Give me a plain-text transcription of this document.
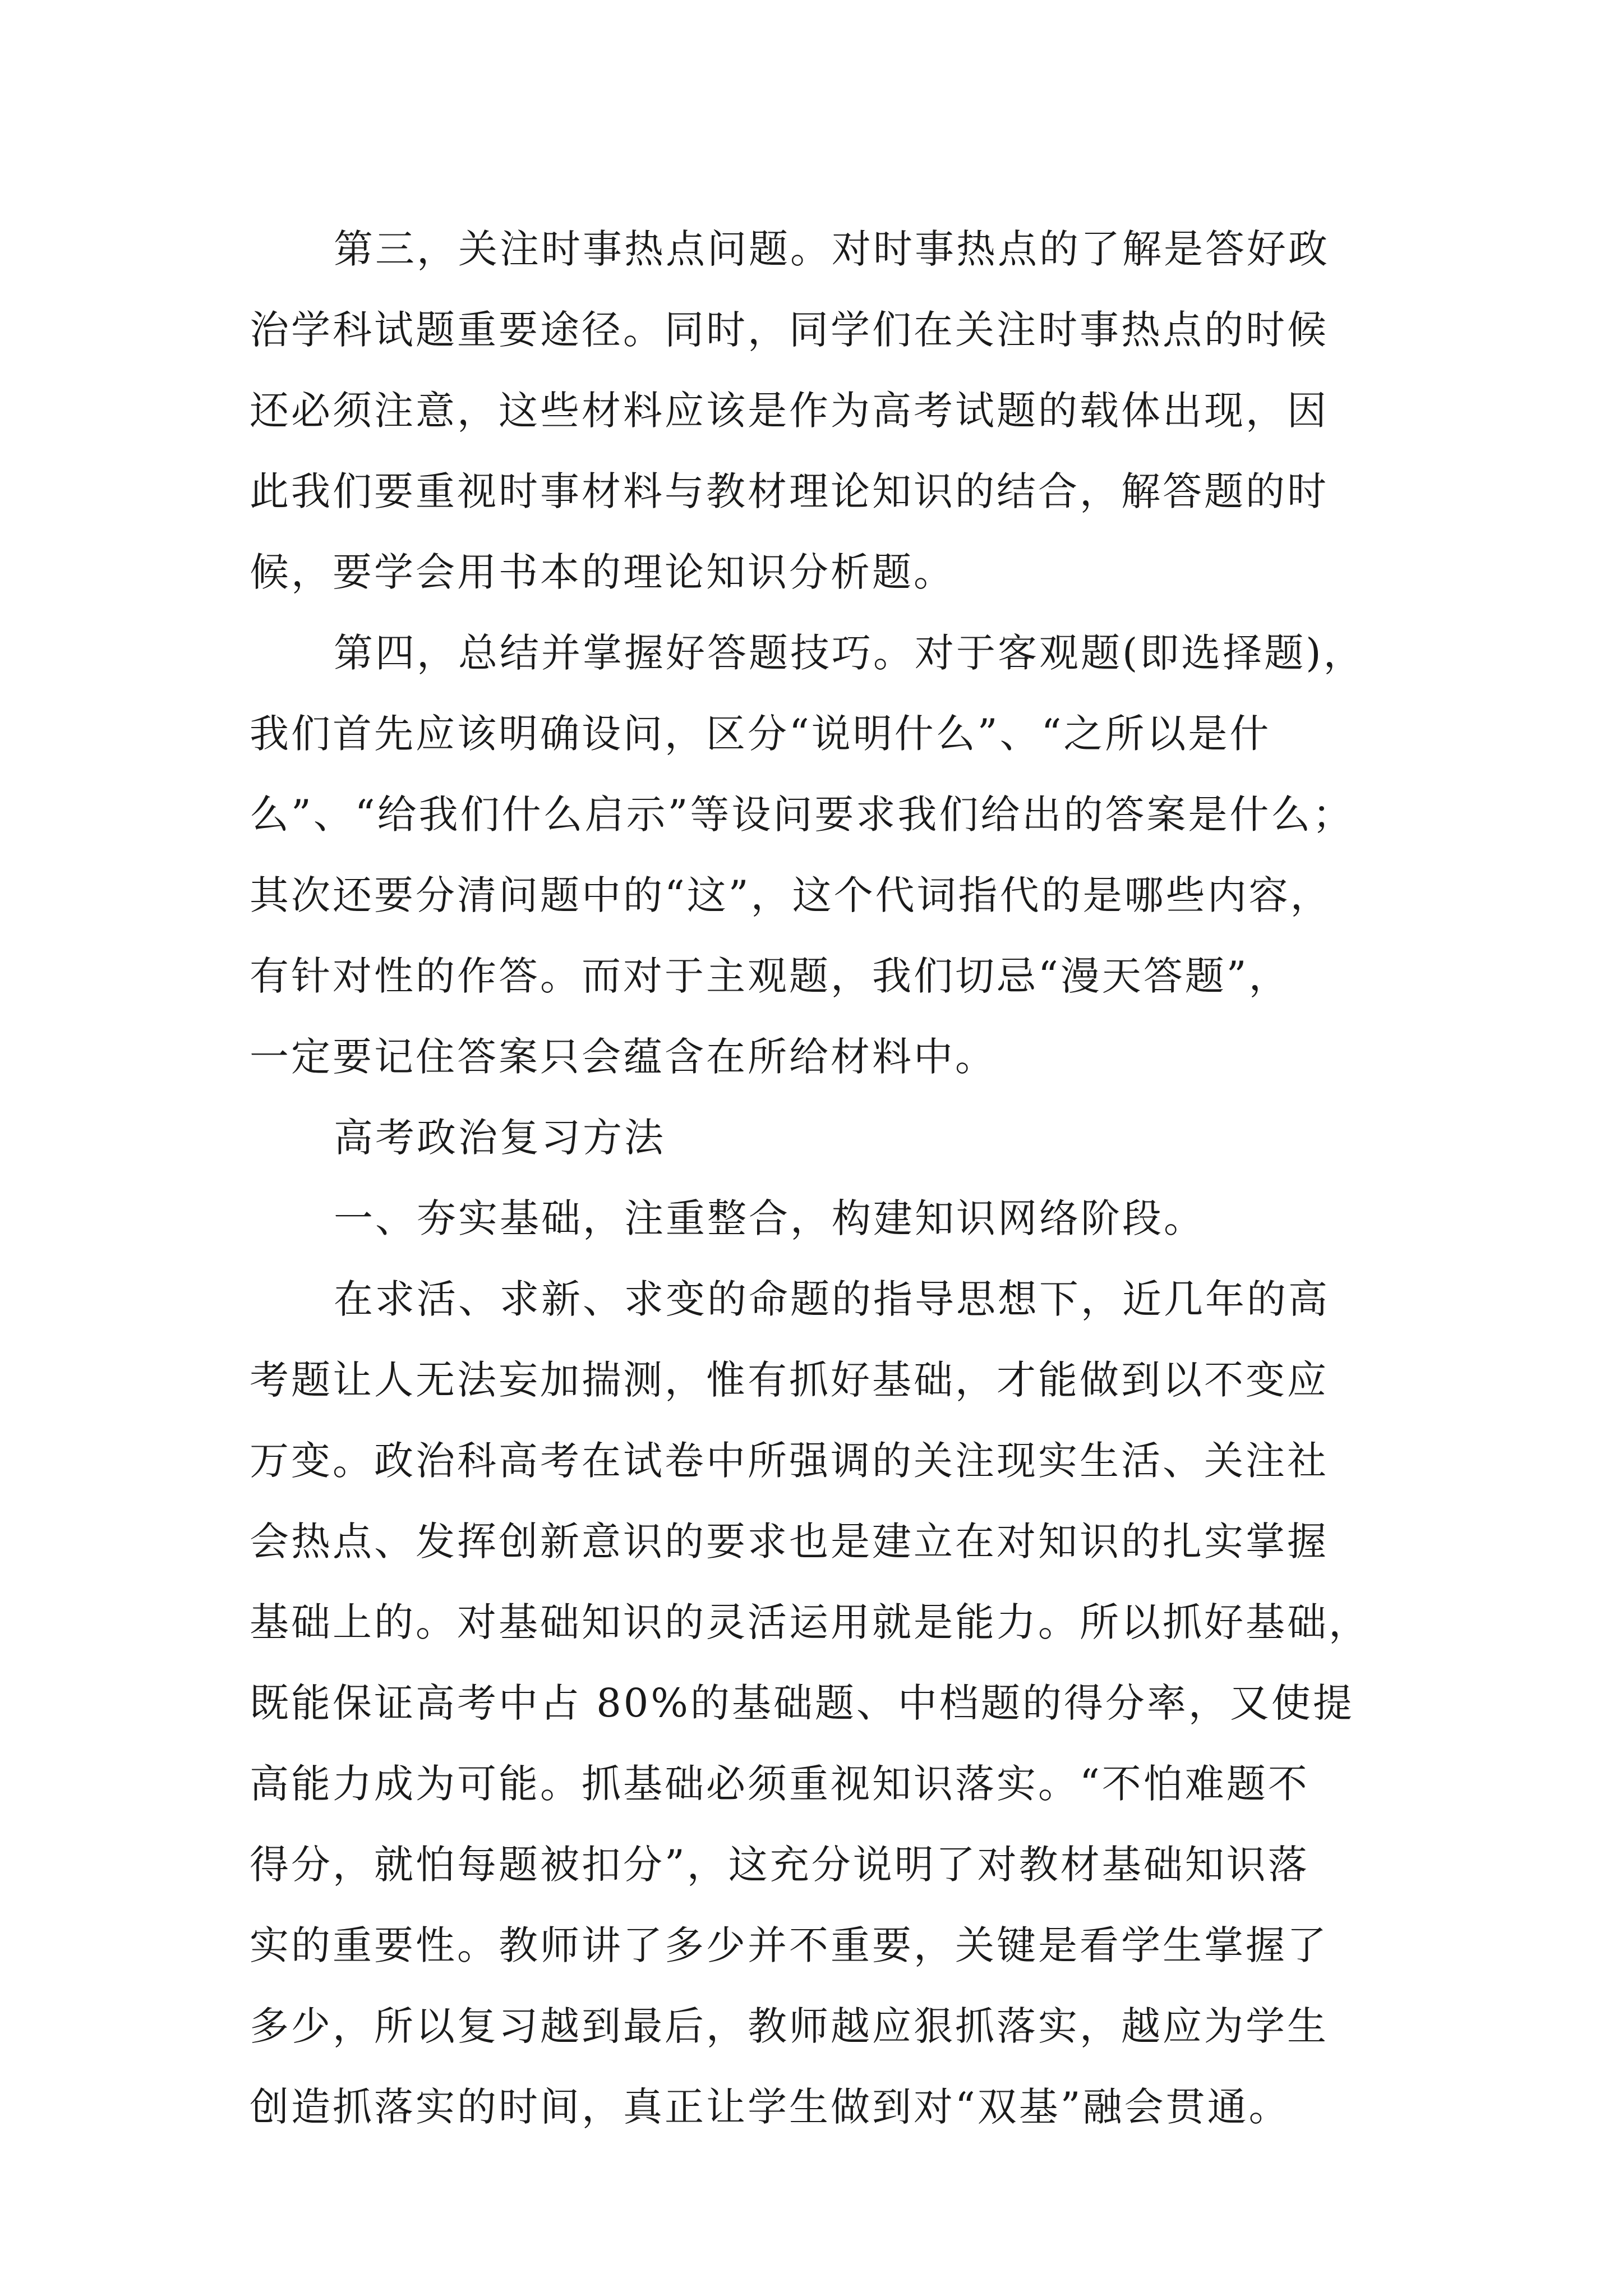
第三，关注时事热点问题。对时事热点的了解是答好政
治学科试题重要途径。同时，同学们在关注时事热点的时候
还必须注意，这些材料应该是作为高考试题的载体出现，因
此我们要重视时事材料与教材理论知识的结合，解答题的时
候，要学会用书本的理论知识分析题。
第四，总结并掌握好答题技巧。对于客观题(即选择题)，
我们首先应该明确设问，区分“说明什么”、“之所以是什
么”、“给我们什么启示”等设问要求我们给出的答案是什么；
其次还要分清问题中的“这”，这个代词指代的是哪些内容，
有针对性的作答。而对于主观题，我们切忌“漫天答题”，
一定要记住答案只会蕴含在所给材料中。
高考政治复习方法
一、夯实基础，注重整合，构建知识网络阶段。
在求活、求新、求变的命题的指导思想下，近几年的高
考题让人无法妄加揣测，惟有抓好基础，才能做到以不变应
万变。政治科高考在试卷中所强调的关注现实生活、关注社
会热点、发挥创新意识的要求也是建立在对知识的扎实掌握
基础上的。对基础知识的灵活运用就是能力。所以抓好基础，
既能保证高考中占 80%的基础题、中档题的得分率，又使提
高能力成为可能。抓基础必须重视知识落实。“不怕难题不
得分，就怕每题被扣分”，这充分说明了对教材基础知识落
实的重要性。教师讲了多少并不重要，关键是看学生掌握了
多少，所以复习越到最后，教师越应狠抓落实，越应为学生
创造抓落实的时间，真正让学生做到对“双基”融会贯通。
